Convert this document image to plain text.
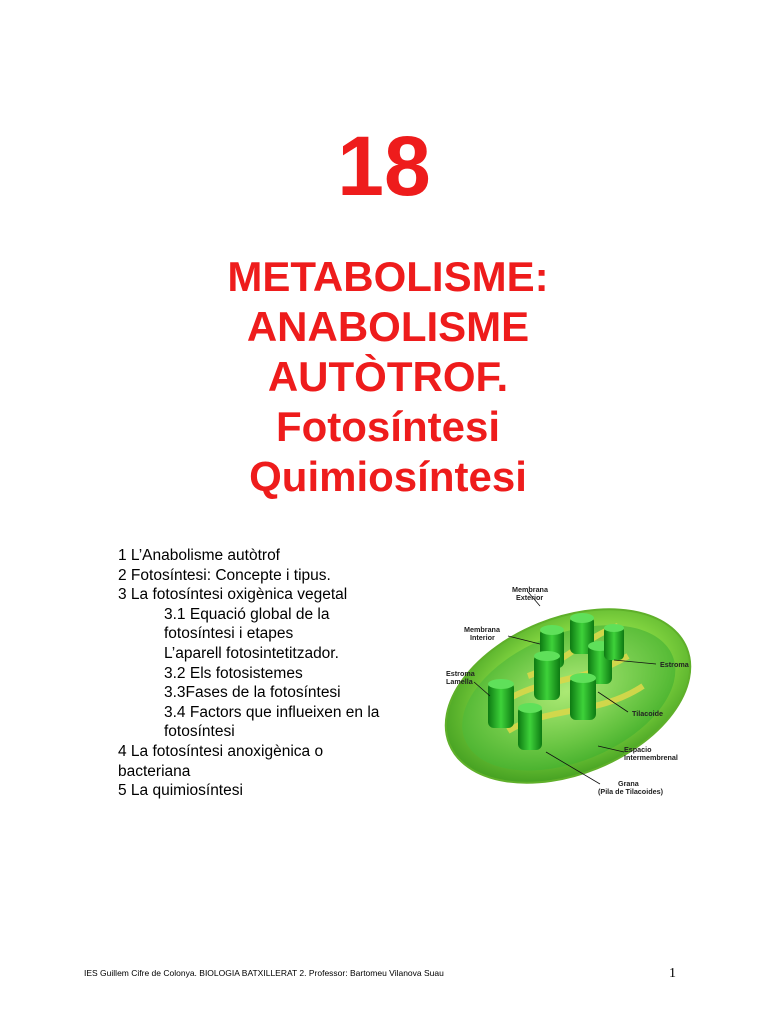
18
METABOLISME:
ANABOLISME
AUTÒTROF.
Fotosíntesi
Quimiosíntesi
1 L’Anabolisme autòtrof
2 Fotosíntesi: Concepte i tipus.
3 La fotosíntesi oxigènica vegetal
3.1 Equació global de la
fotosíntesi i etapes
L’aparell fotosintetitzador.
3.2 Els fotosistemes
3.3Fases de la fotosíntesi
3.4 Factors que influeixen en la
fotosíntesi
4 La fotosíntesi anoxigènica o
bacteriana
5 La quimiosíntesi
Membrana
Exterior
Membrana
Interior
Estroma
Lamella
Estroma
Tilacoide
Espacio
Intermembrenal
Grana
(Pila de Tilacoides)
IES Guillem Cifre de Colonya. BIOLOGIA BATXILLERAT 2. Professor: Bartomeu Vilanova Suau	1
